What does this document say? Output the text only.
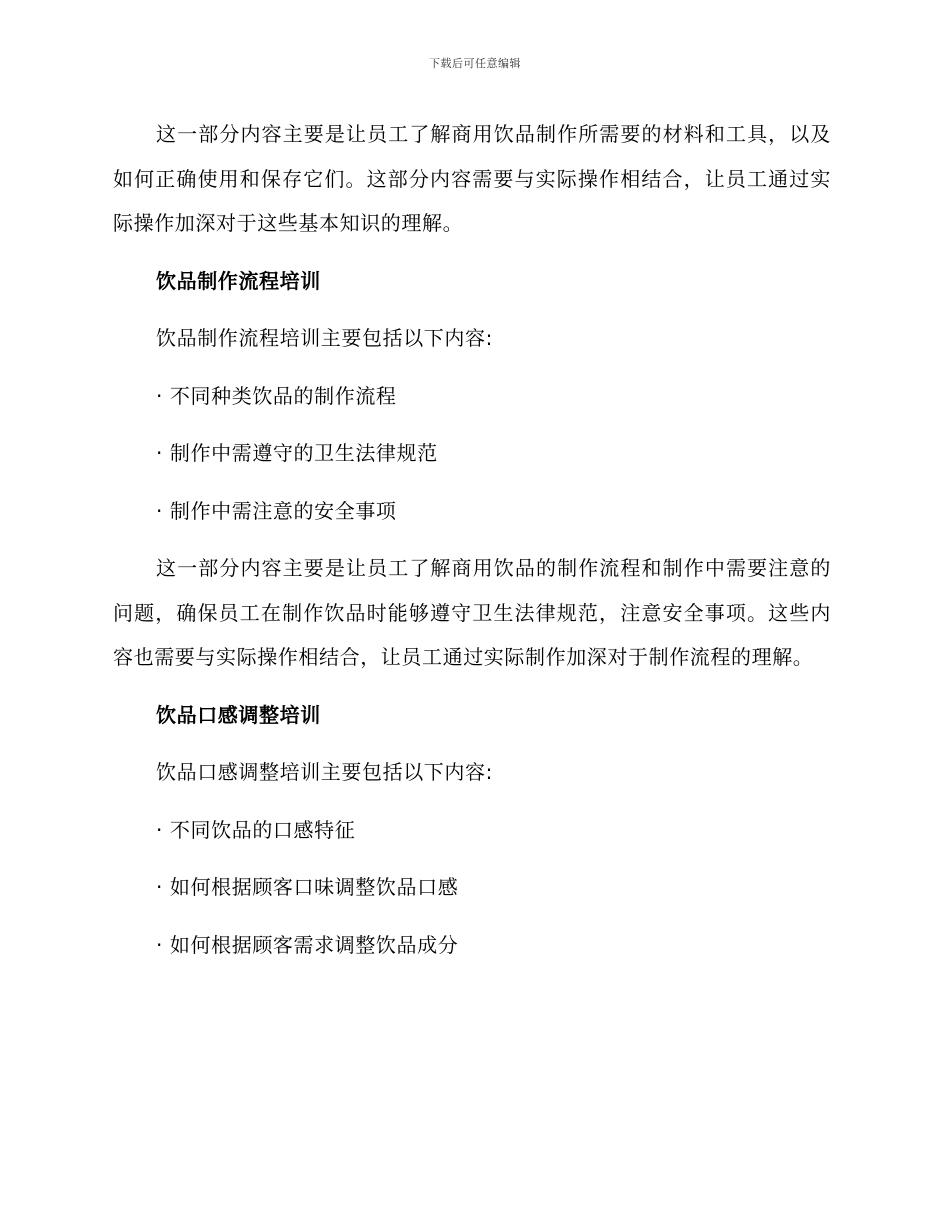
下载后可任意编辑

这一部分内容主要是让员工了解商用饮品制作所需要的材料和工具，以及如何正确使用和保存它们。这部分内容需要与实际操作相结合，让员工通过实际操作加深对于这些基本知识的理解。

饮品制作流程培训

饮品制作流程培训主要包括以下内容:

· 不同种类饮品的制作流程

· 制作中需遵守的卫生法律规范

· 制作中需注意的安全事项

这一部分内容主要是让员工了解商用饮品的制作流程和制作中需要注意的问题，确保员工在制作饮品时能够遵守卫生法律规范，注意安全事项。这些内容也需要与实际操作相结合，让员工通过实际制作加深对于制作流程的理解。

饮品口感调整培训

饮品口感调整培训主要包括以下内容:

· 不同饮品的口感特征

· 如何根据顾客口味调整饮品口感

· 如何根据顾客需求调整饮品成分
